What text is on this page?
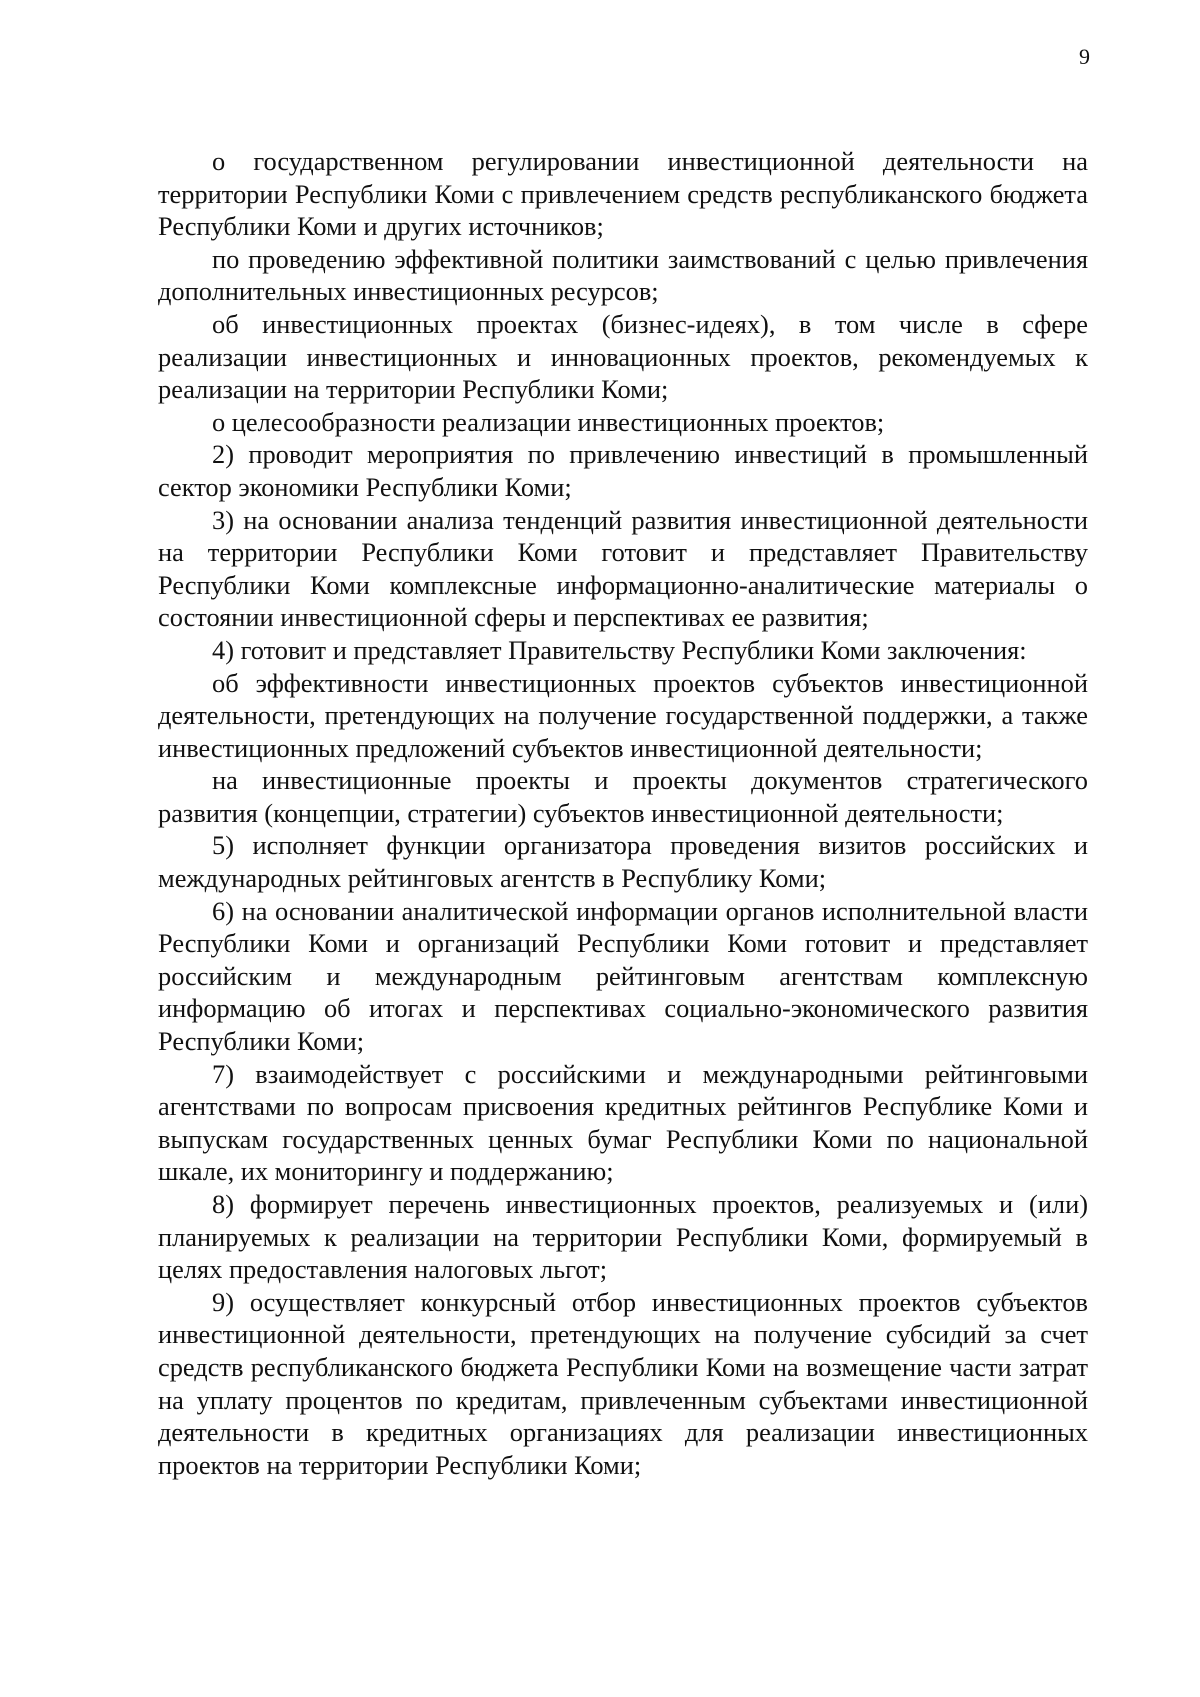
9

о государственном регулировании инвестиционной деятельности на территории Республики Коми с привлечением средств республиканского бюджета Республики Коми и других источников;

по проведению эффективной политики заимствований с целью привлечения дополнительных инвестиционных ресурсов;

об инвестиционных проектах (бизнес-идеях), в том числе в сфере реализации инвестиционных и инновационных проектов, рекомендуемых к реализации на территории Республики Коми;

о целесообразности реализации инвестиционных проектов;

2) проводит мероприятия по привлечению инвестиций в промышленный сектор экономики Республики Коми;

3) на основании анализа тенденций развития инвестиционной деятельности на территории Республики Коми готовит и представляет Правительству Республики Коми комплексные информационно-аналитические материалы о состоянии инвестиционной сферы и перспективах ее развития;

4) готовит и представляет Правительству Республики Коми заключения:

об эффективности инвестиционных проектов субъектов инвестиционной деятельности, претендующих на получение государственной поддержки, а также инвестиционных предложений субъектов инвестиционной деятельности;

на инвестиционные проекты и проекты документов стратегического развития (концепции, стратегии) субъектов инвестиционной деятельности;

5) исполняет функции организатора проведения визитов российских и международных рейтинговых агентств в Республику Коми;

6) на основании аналитической информации органов исполнительной власти Республики Коми и организаций Республики Коми готовит и представляет российским и международным рейтинговым агентствам комплексную информацию об итогах и перспективах социально-экономического развития Республики Коми;

7) взаимодействует с российскими и международными рейтинговыми агентствами по вопросам присвоения кредитных рейтингов Республике Коми и выпускам государственных ценных бумаг Республики Коми по национальной шкале, их мониторингу и поддержанию;

8) формирует перечень инвестиционных проектов, реализуемых и (или) планируемых к реализации на территории Республики Коми, формируемый в целях предоставления налоговых льгот;

9) осуществляет конкурсный отбор инвестиционных проектов субъектов инвестиционной деятельности, претендующих на получение субсидий за счет средств республиканского бюджета Республики Коми на возмещение части затрат на уплату процентов по кредитам, привлеченным субъектами инвестиционной деятельности в кредитных организациях для реализации инвестиционных проектов на территории Республики Коми;
